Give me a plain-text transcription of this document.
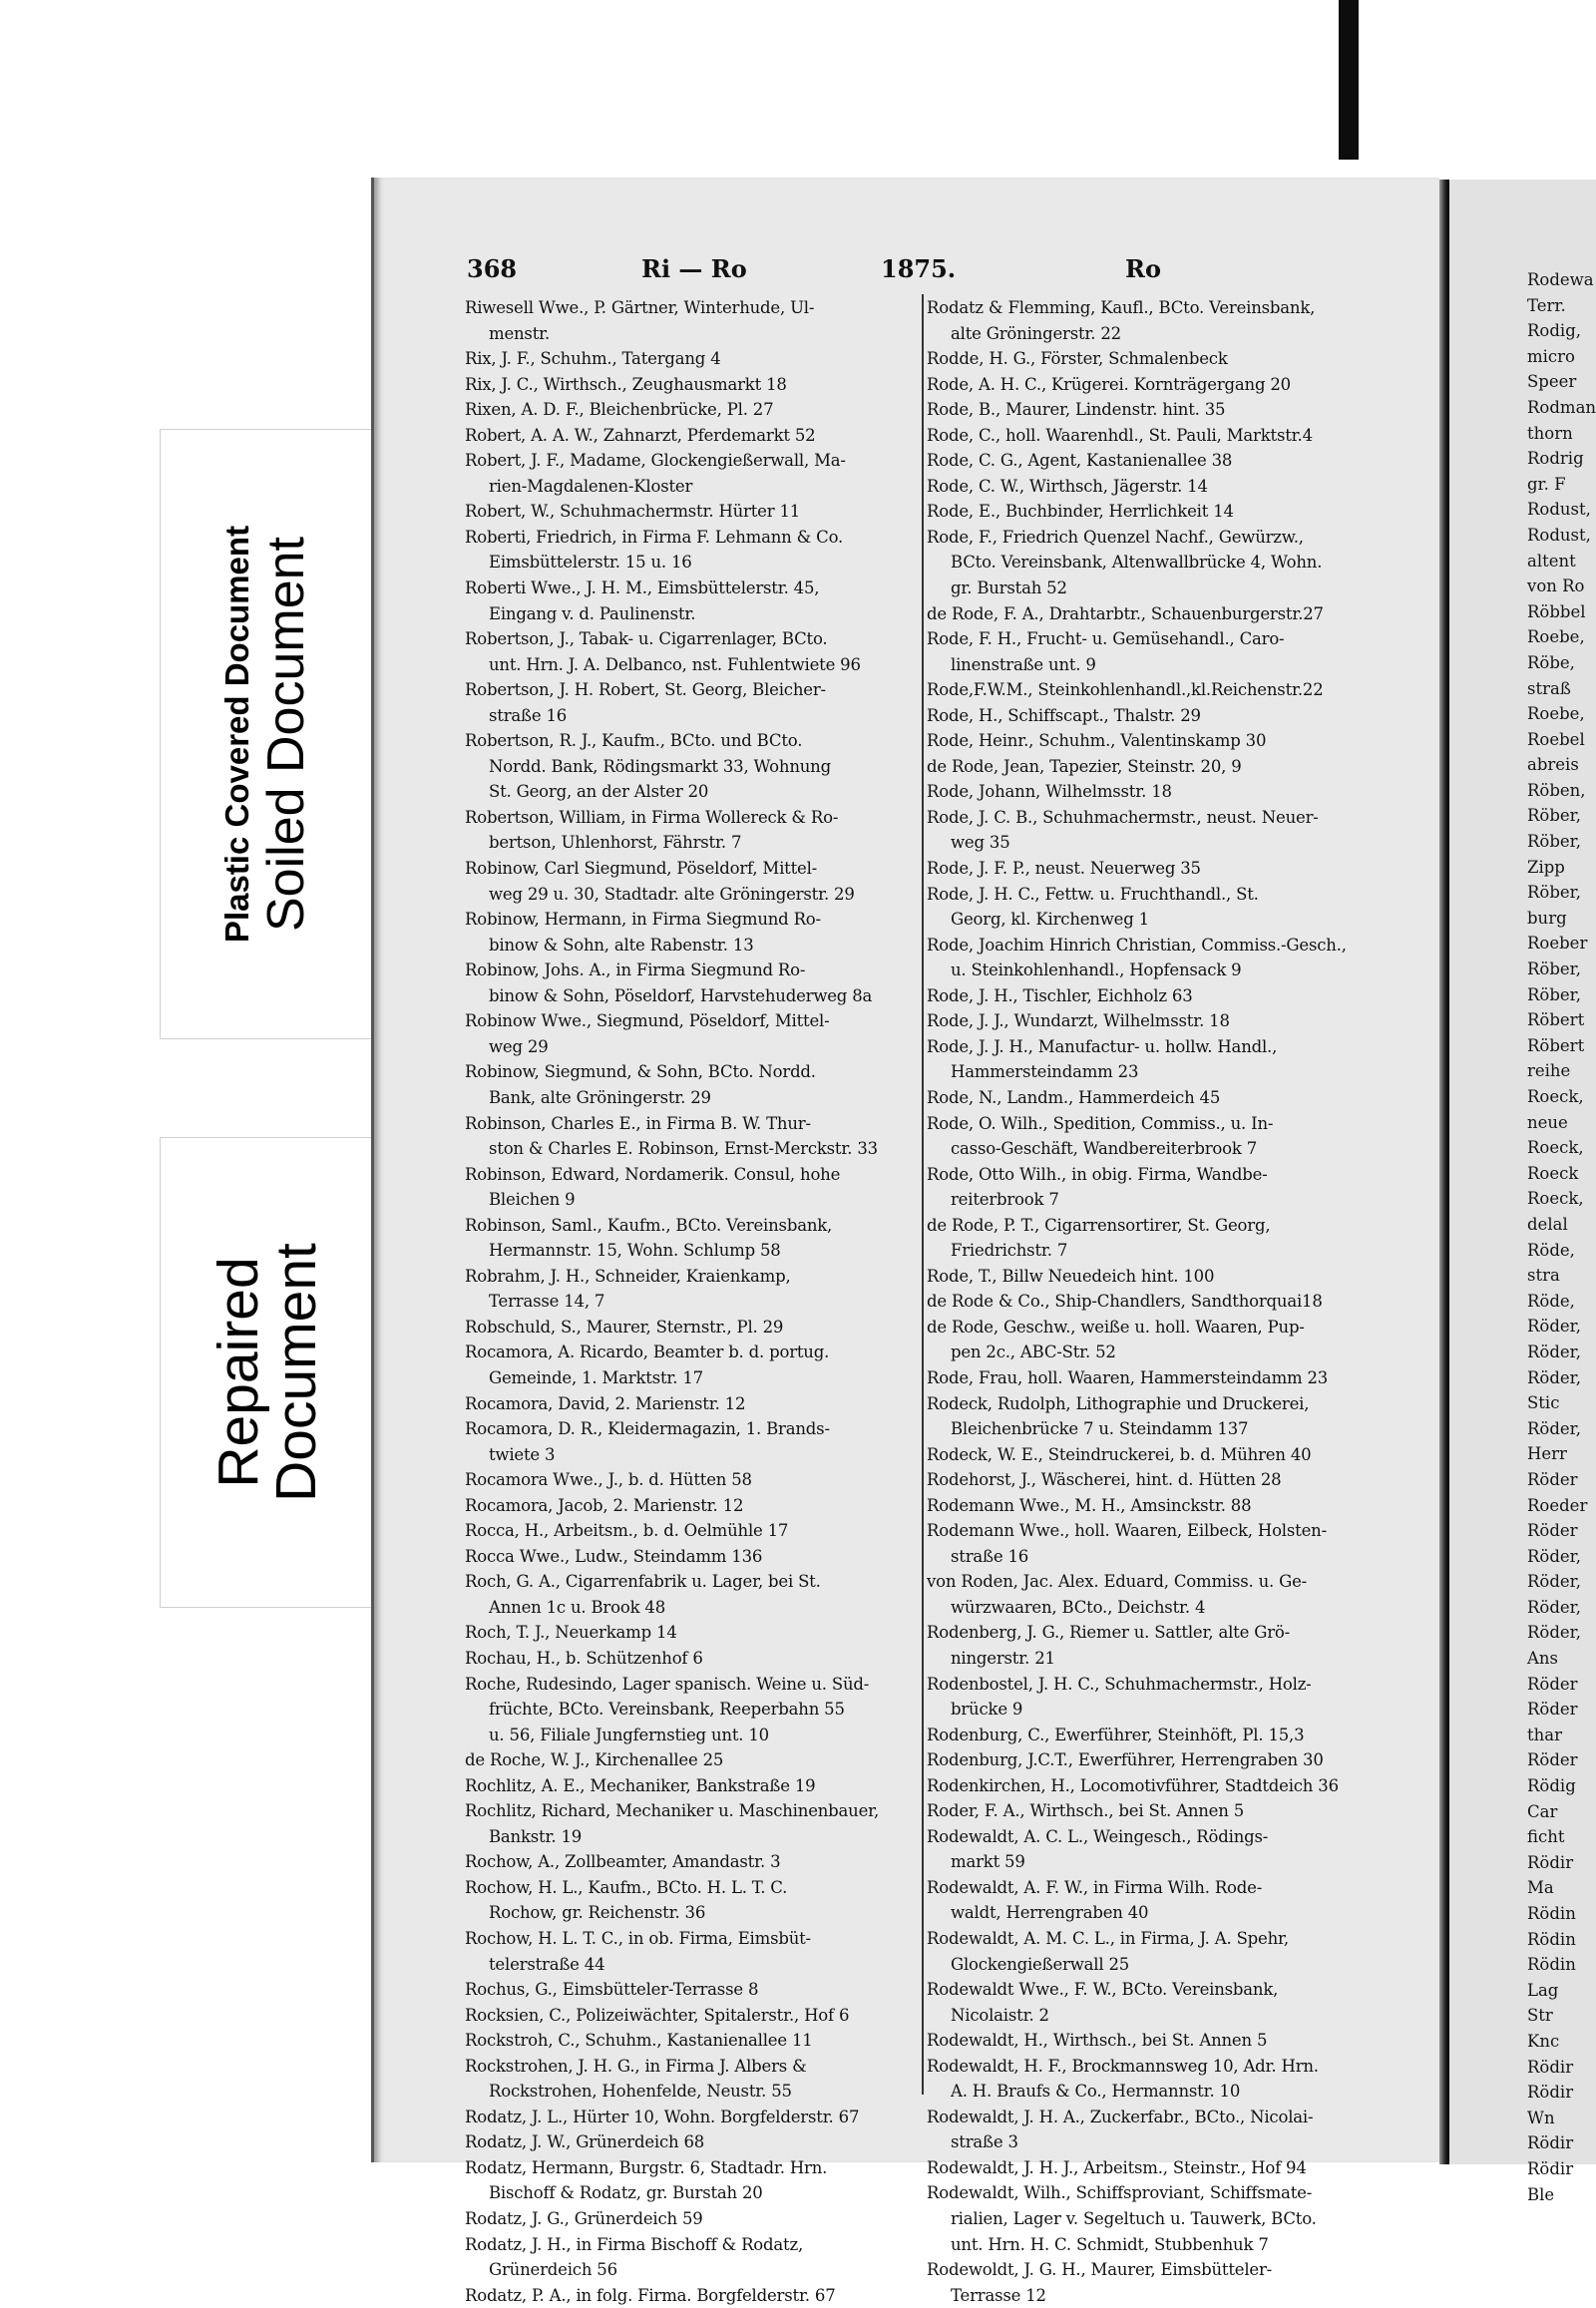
Plastic Covered Document Soiled Document
Repaired
Document
Rodewa
Terr.
Rodig,
micro
Speer
Rodman
thorn
Rodrig
gr. F
Rodust,
Rodust,
altent
von Ro
Röbbel
Roebe,
Röbe,
straß
Roebe,
Roebel
abreis
Röben,
Röber,
Röber,
Zipp
Röber,
burg
Roeber
Röber,
Röber,
Röbert
Röbert
reihe
Roeck,
neue
Roeck,
Roeck
Roeck,
delal
Röde,
stra
Röde,
Röder,
Röder,
Röder,
Stic
Röder,
Herr
Röder
Roeder
Röder
Röder,
Röder,
Röder,
Röder,
Ans
Röder
Röder
thar
Röder
Rödig
Car
ficht
Rödir
Ma
Rödin
Rödin
Rödin
Lag
Str
Knc
Rödir
Rödir
Wn
Rödir
Rödir
Ble
368	Ri — Ro	1875.	Ro
Riwesell Wwe., P. Gärtner, Winterhude, Ul-
menstr.
Rix, J. F., Schuhm., Tatergang 4
Rix, J. C., Wirthsch., Zeughausmarkt 18
Rixen, A. D. F., Bleichenbrücke, Pl. 27
Robert, A. A. W., Zahnarzt, Pferdemarkt 52
Robert, J. F., Madame, Glockengießerwall, Ma-
rien-Magdalenen-Kloster
Robert, W., Schuhmachermstr. Hürter 11
Roberti, Friedrich, in Firma F. Lehmann & Co.
Eimsbüttelerstr. 15 u. 16
Roberti Wwe., J. H. M., Eimsbüttelerstr. 45,
Eingang v. d. Paulinenstr.
Robertson, J., Tabak- u. Cigarrenlager, BCto.
unt. Hrn. J. A. Delbanco, nst. Fuhlentwiete 96
Robertson, J. H. Robert, St. Georg, Bleicher-
straße 16
Robertson, R. J., Kaufm., BCto. und BCto.
Nordd. Bank, Rödingsmarkt 33, Wohnung
St. Georg, an der Alster 20
Robertson, William, in Firma Wollereck & Ro-
bertson, Uhlenhorst, Fährstr. 7
Robinow, Carl Siegmund, Pöseldorf, Mittel-
weg 29 u. 30, Stadtadr. alte Gröningerstr. 29
Robinow, Hermann, in Firma Siegmund Ro-
binow & Sohn, alte Rabenstr. 13
Robinow, Johs. A., in Firma Siegmund Ro-
binow & Sohn, Pöseldorf, Harvstehuderweg 8a
Robinow Wwe., Siegmund, Pöseldorf, Mittel-
weg 29
Robinow, Siegmund, & Sohn, BCto. Nordd.
Bank, alte Gröningerstr. 29
Robinson, Charles E., in Firma B. W. Thur-
ston & Charles E. Robinson, Ernst-Merckstr. 33
Robinson, Edward, Nordamerik. Consul, hohe
Bleichen 9
Robinson, Saml., Kaufm., BCto. Vereinsbank,
Hermannstr. 15, Wohn. Schlump 58
Robrahm, J. H., Schneider, Kraienkamp,
Terrasse 14, 7
Robschuld, S., Maurer, Sternstr., Pl. 29
Rocamora, A. Ricardo, Beamter b. d. portug.
Gemeinde, 1. Marktstr. 17
Rocamora, David, 2. Marienstr. 12
Rocamora, D. R., Kleidermagazin, 1. Brands-
twiete 3
Rocamora Wwe., J., b. d. Hütten 58
Rocamora, Jacob, 2. Marienstr. 12
Rocca, H., Arbeitsm., b. d. Oelmühle 17
Rocca Wwe., Ludw., Steindamm 136
Roch, G. A., Cigarrenfabrik u. Lager, bei St.
Annen 1c u. Brook 48
Roch, T. J., Neuerkamp 14
Rochau, H., b. Schützenhof 6
Roche, Rudesindo, Lager spanisch. Weine u. Süd-
früchte, BCto. Vereinsbank, Reeperbahn 55
u. 56, Filiale Jungfernstieg unt. 10
de Roche, W. J., Kirchenallee 25
Rochlitz, A. E., Mechaniker, Bankstraße 19
Rochlitz, Richard, Mechaniker u. Maschinenbauer,
Bankstr. 19
Rochow, A., Zollbeamter, Amandastr. 3
Rochow, H. L., Kaufm., BCto. H. L. T. C.
Rochow, gr. Reichenstr. 36
Rochow, H. L. T. C., in ob. Firma, Eimsbüt-
telerstraße 44
Rochus, G., Eimsbütteler-Terrasse 8
Rocksien, C., Polizeiwächter, Spitalerstr., Hof 6
Rockstroh, C., Schuhm., Kastanienallee 11
Rockstrohen, J. H. G., in Firma J. Albers &
Rockstrohen, Hohenfelde, Neustr. 55
Rodatz, J. L., Hürter 10, Wohn. Borgfelderstr. 67
Rodatz, J. W., Grünerdeich 68
Rodatz, Hermann, Burgstr. 6, Stadtadr. Hrn.
Bischoff & Rodatz, gr. Burstah 20
Rodatz, J. G., Grünerdeich 59
Rodatz, J. H., in Firma Bischoff & Rodatz,
Grünerdeich 56
Rodatz, P. A., in folg. Firma. Borgfelderstr. 67
Rodatz & Flemming, Kaufl., BCto. Vereinsbank,
alte Gröningerstr. 22
Rodde, H. G., Förster, Schmalenbeck
Rode, A. H. C., Krügerei. Kornträgergang 20
Rode, B., Maurer, Lindenstr. hint. 35
Rode, C., holl. Waarenhdl., St. Pauli, Marktstr.4
Rode, C. G., Agent, Kastanienallee 38
Rode, C. W., Wirthsch, Jägerstr. 14
Rode, E., Buchbinder, Herrlichkeit 14
Rode, F., Friedrich Quenzel Nachf., Gewürzw.,
BCto. Vereinsbank, Altenwallbrücke 4, Wohn.
gr. Burstah 52
de Rode, F. A., Drahtarbtr., Schauenburgerstr.27
Rode, F. H., Frucht- u. Gemüsehandl., Caro-
linenstraße unt. 9
Rode,F.W.M., Steinkohlenhandl.,kl.Reichenstr.22
Rode, H., Schiffscapt., Thalstr. 29
Rode, Heinr., Schuhm., Valentinskamp 30
de Rode, Jean, Tapezier, Steinstr. 20, 9
Rode, Johann, Wilhelmsstr. 18
Rode, J. C. B., Schuhmachermstr., neust. Neuer-
weg 35
Rode, J. F. P., neust. Neuerweg 35
Rode, J. H. C., Fettw. u. Fruchthandl., St.
Georg, kl. Kirchenweg 1
Rode, Joachim Hinrich Christian, Commiss.-Gesch.,
u. Steinkohlenhandl., Hopfensack 9
Rode, J. H., Tischler, Eichholz 63
Rode, J. J., Wundarzt, Wilhelmsstr. 18
Rode, J. J. H., Manufactur- u. hollw. Handl.,
Hammersteindamm 23
Rode, N., Landm., Hammerdeich 45
Rode, O. Wilh., Spedition, Commiss., u. In-
casso-Geschäft, Wandbereiterbrook 7
Rode, Otto Wilh., in obig. Firma, Wandbe-
reiterbrook 7
de Rode, P. T., Cigarrensortirer, St. Georg,
Friedrichstr. 7
Rode, T., Billw Neuedeich hint. 100
de Rode & Co., Ship-Chandlers, Sandthorquai18
de Rode, Geschw., weiße u. holl. Waaren, Pup-
pen 2c., ABC-Str. 52
Rode, Frau, holl. Waaren, Hammersteindamm 23
Rodeck, Rudolph, Lithographie und Druckerei,
Bleichenbrücke 7 u. Steindamm 137
Rodeck, W. E., Steindruckerei, b. d. Mühren 40
Rodehorst, J., Wäscherei, hint. d. Hütten 28
Rodemann Wwe., M. H., Amsinckstr. 88
Rodemann Wwe., holl. Waaren, Eilbeck, Holsten-
straße 16
von Roden, Jac. Alex. Eduard, Commiss. u. Ge-
würzwaaren, BCto., Deichstr. 4
Rodenberg, J. G., Riemer u. Sattler, alte Grö-
ningerstr. 21
Rodenbostel, J. H. C., Schuhmachermstr., Holz-
brücke 9
Rodenburg, C., Ewerführer, Steinhöft, Pl. 15,3
Rodenburg, J.C.T., Ewerführer, Herrengraben 30
Rodenkirchen, H., Locomotivführer, Stadtdeich 36
Roder, F. A., Wirthsch., bei St. Annen 5
Rodewaldt, A. C. L., Weingesch., Rödings-
markt 59
Rodewaldt, A. F. W., in Firma Wilh. Rode-
waldt, Herrengraben 40
Rodewaldt, A. M. C. L., in Firma, J. A. Spehr,
Glockengießerwall 25
Rodewaldt Wwe., F. W., BCto. Vereinsbank,
Nicolaistr. 2
Rodewaldt, H., Wirthsch., bei St. Annen 5
Rodewaldt, H. F., Brockmannsweg 10, Adr. Hrn.
A. H. Braufs & Co., Hermannstr. 10
Rodewaldt, J. H. A., Zuckerfabr., BCto., Nicolai-
straße 3
Rodewaldt, J. H. J., Arbeitsm., Steinstr., Hof 94
Rodewaldt, Wilh., Schiffsproviant, Schiffsmate-
rialien, Lager v. Segeltuch u. Tauwerk, BCto.
unt. Hrn. H. C. Schmidt, Stubbenhuk 7
Rodewoldt, J. G. H., Maurer, Eimsbütteler-
Terrasse 12
